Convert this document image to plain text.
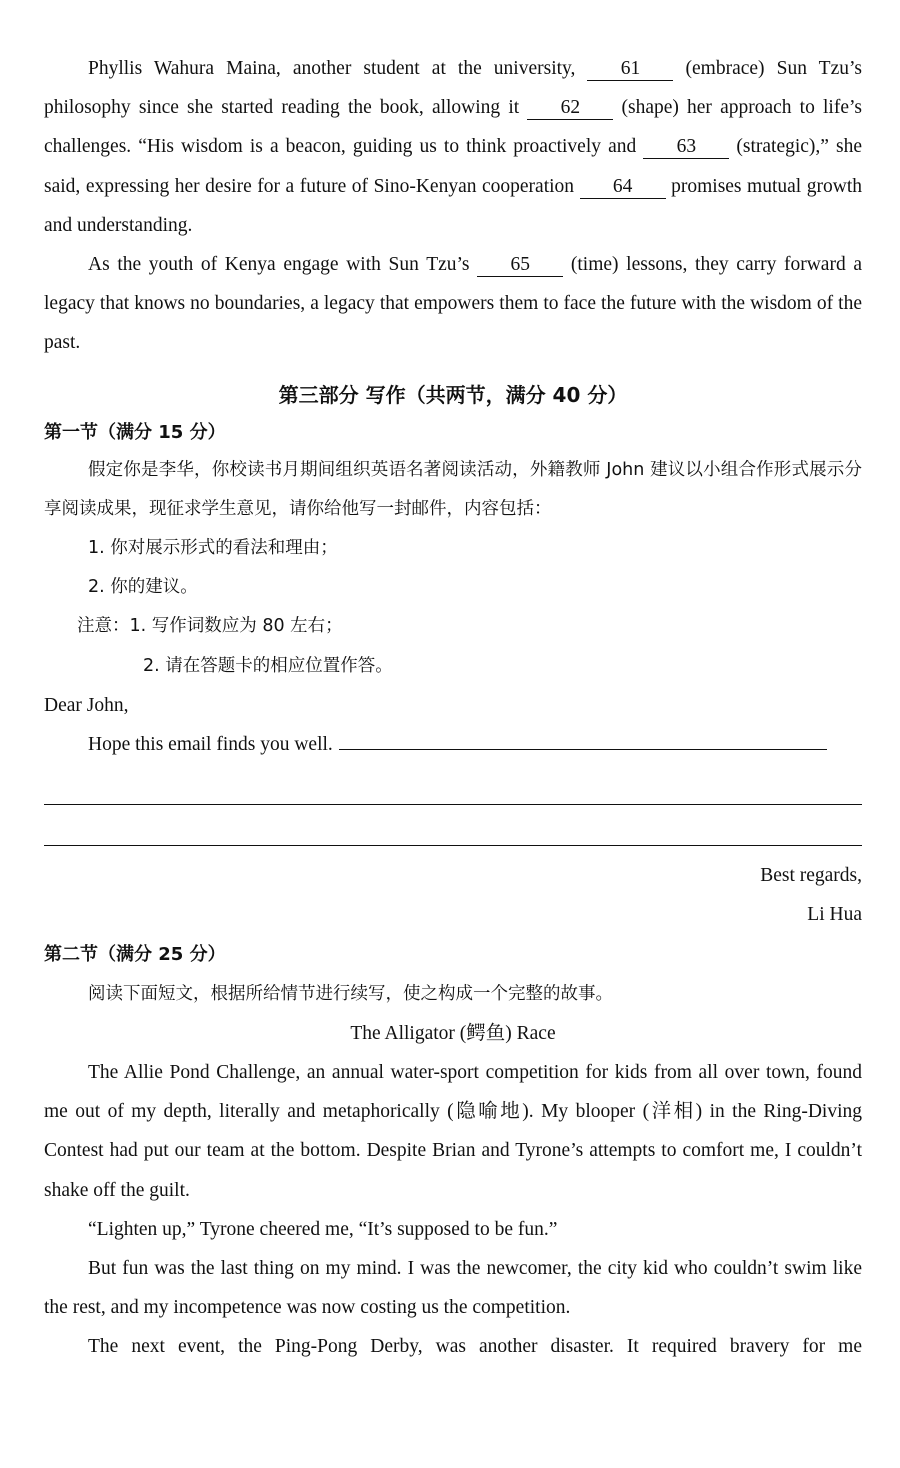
Phyllis Wahura Maina, another student at the university, 61 (embrace) Sun Tzu’s philosophy since she started reading the book, allowing it 62 (shape) her approach to life’s challenges. “His wisdom is a beacon, guiding us to think proactively and 63 (strategic),” she said, expressing her desire for a future of Sino-Kenyan cooperation 64 promises mutual growth and understanding.

As the youth of Kenya engage with Sun Tzu’s 65 (time) lessons, they carry forward a legacy that knows no boundaries, a legacy that empowers them to face the future with the wisdom of the past.

第三部分 写作（共两节，满分 40 分）
第一节（满分 15 分）

假定你是李华，你校读书月期间组织英语名著阅读活动，外籍教师 John 建议以小组合作形式展示分享阅读成果，现征求学生意见，请你给他写一封邮件，内容包括：

1. 你对展示形式的看法和理由；

2. 你的建议。

注意：1. 写作词数应为 80 左右；

2. 请在答题卡的相应位置作答。

Dear John,

Hope this email finds you well.

Best regards,

Li Hua

第二节（满分 25 分）

阅读下面短文，根据所给情节进行续写，使之构成一个完整的故事。

The Alligator (鳄鱼) Race

The Allie Pond Challenge, an annual water-sport competition for kids from all over town, found me out of my depth, literally and metaphorically (隐喻地). My blooper (洋相) in the Ring-Diving Contest had put our team at the bottom. Despite Brian and Tyrone’s attempts to comfort me, I couldn’t shake off the guilt.

“Lighten up,” Tyrone cheered me, “It’s supposed to be fun.”

But fun was the last thing on my mind. I was the newcomer, the city kid who couldn’t swim like the rest, and my incompetence was now costing us the competition.

The next event, the Ping-Pong Derby, was another disaster. It required bravery for me
